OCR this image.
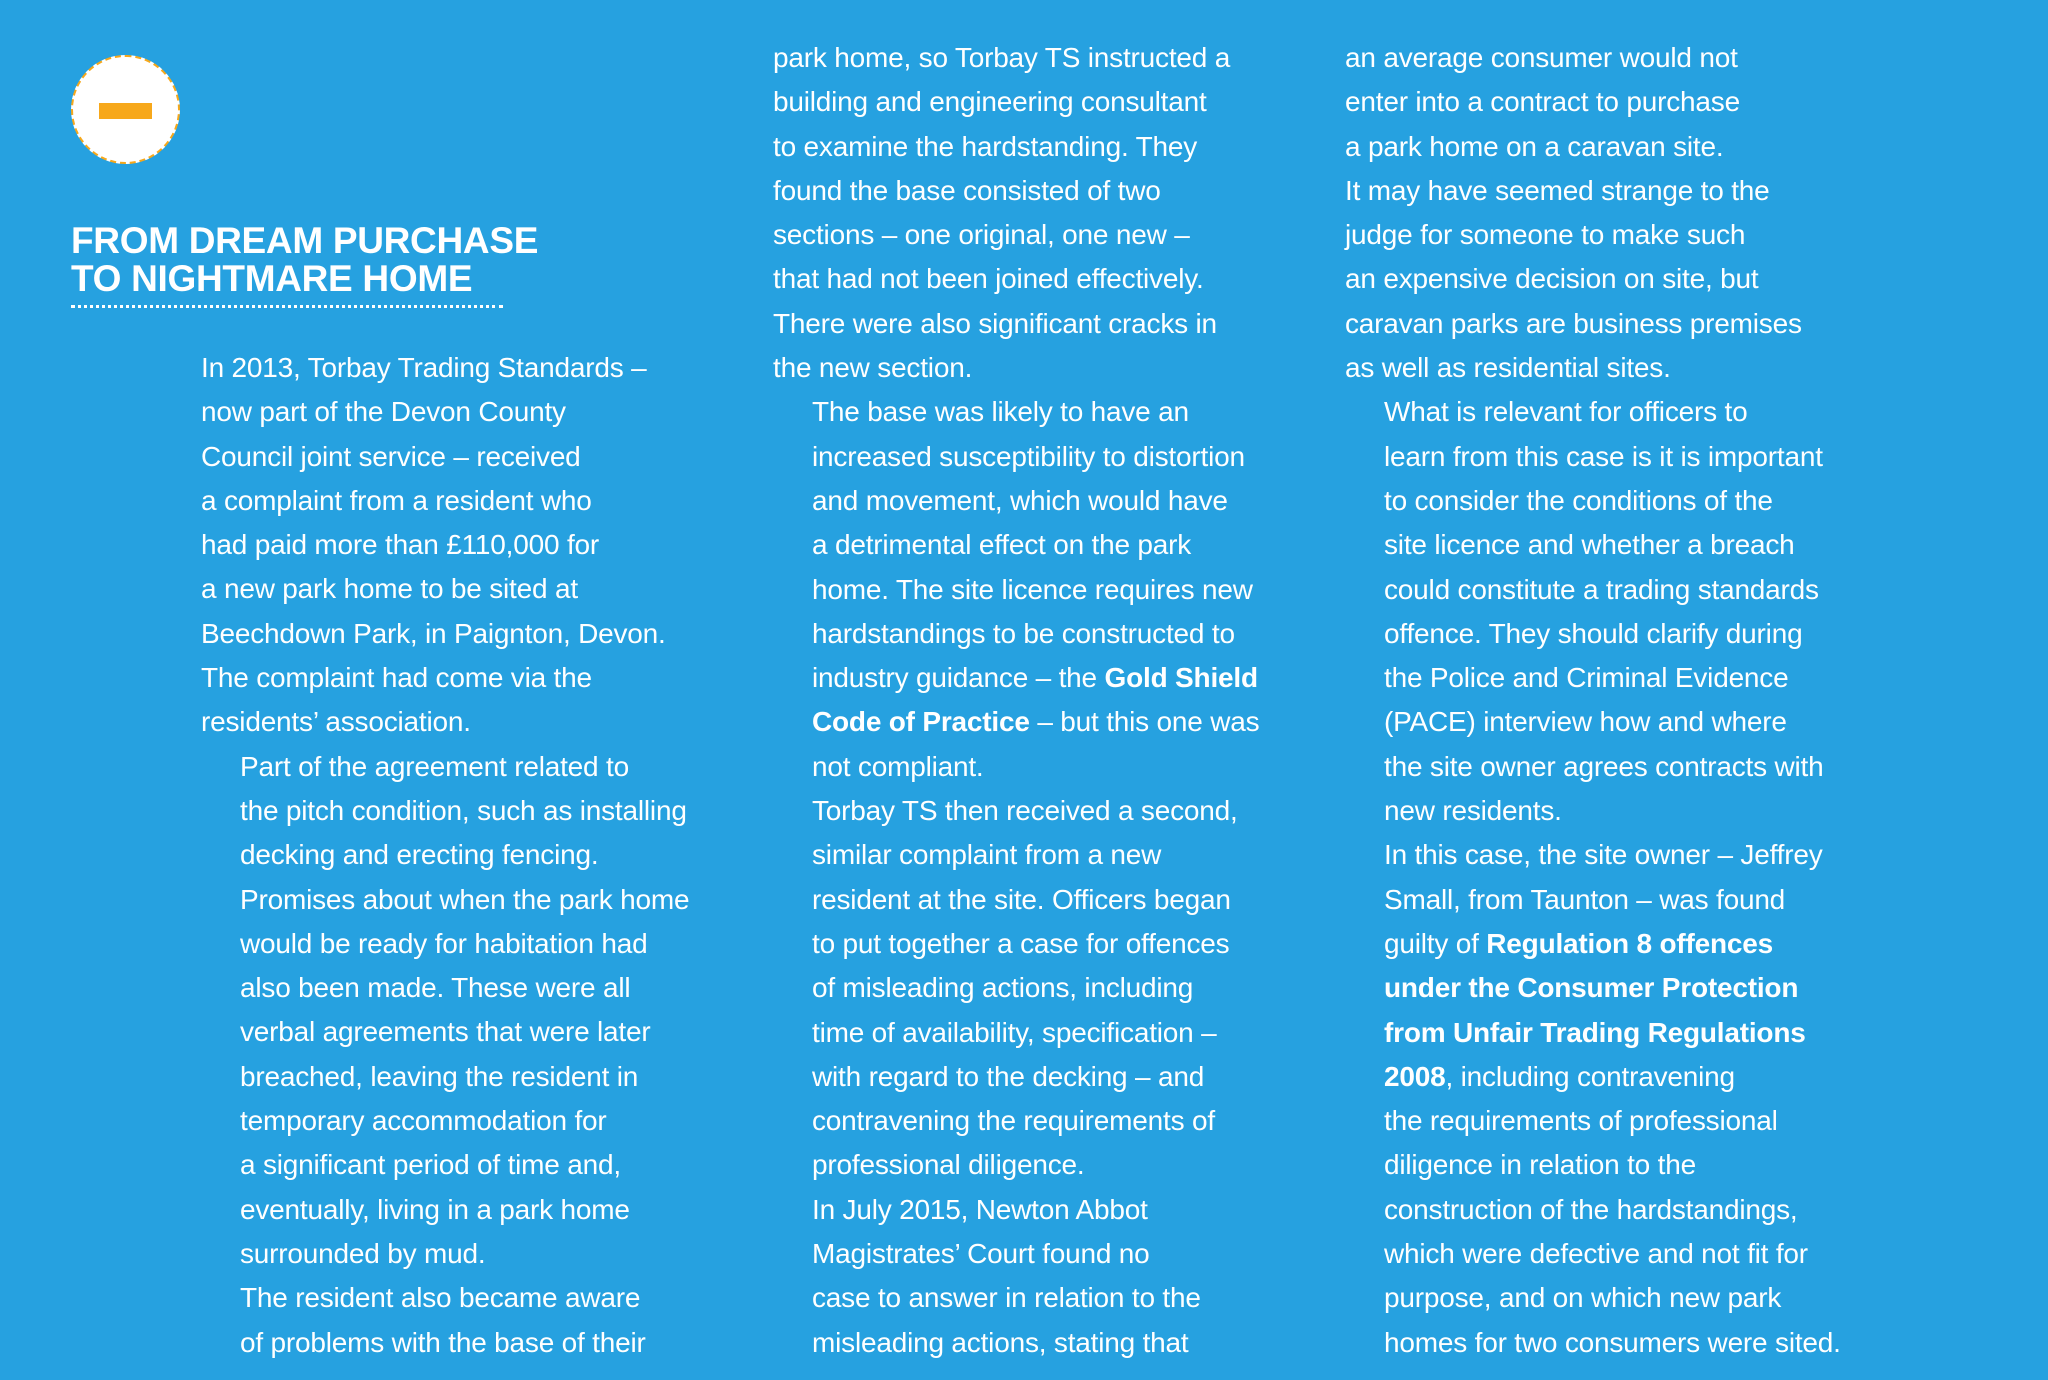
FROM DREAM PURCHASE
TO NIGHTMARE HOME

In 2013, Torbay Trading Standards –
now part of the Devon County
Council joint service – received
a complaint from a resident who
had paid more than £110,000 for
a new park home to be sited at
Beechdown Park, in Paignton, Devon.
The complaint had come via the
residents’ association.

Part of the agreement related to
the pitch condition, such as installing
decking and erecting fencing.
Promises about when the park home
would be ready for habitation had
also been made. These were all
verbal agreements that were later
breached, leaving the resident in
temporary accommodation for
a significant period of time and,
eventually, living in a park home
surrounded by mud.

The resident also became aware
of problems with the base of their

park home, so Torbay TS instructed a
building and engineering consultant
to examine the hardstanding. They
found the base consisted of two
sections – one original, one new –
that had not been joined effectively.
There were also significant cracks in
the new section.

The base was likely to have an
increased susceptibility to distortion
and movement, which would have
a detrimental effect on the park
home. The site licence requires new
hardstandings to be constructed to
industry guidance – the Gold Shield
Code of Practice – but this one was
not compliant.

Torbay TS then received a second,
similar complaint from a new
resident at the site. Officers began
to put together a case for offences
of misleading actions, including
time of availability, specification –
with regard to the decking – and
contravening the requirements of
professional diligence.

In July 2015, Newton Abbot
Magistrates’ Court found no
case to answer in relation to the
misleading actions, stating that

an average consumer would not
enter into a contract to purchase
a park home on a caravan site.
It may have seemed strange to the
judge for someone to make such
an expensive decision on site, but
caravan parks are business premises
as well as residential sites.

What is relevant for officers to
learn from this case is it is important
to consider the conditions of the
site licence and whether a breach
could constitute a trading standards
offence. They should clarify during
the Police and Criminal Evidence
(PACE) interview how and where
the site owner agrees contracts with
new residents.

In this case, the site owner – Jeffrey
Small, from Taunton – was found
guilty of Regulation 8 offences
under the Consumer Protection
from Unfair Trading Regulations
2008, including contravening
the requirements of professional
diligence in relation to the
construction of the hardstandings,
which were defective and not fit for
purpose, and on which new park
homes for two consumers were sited.
